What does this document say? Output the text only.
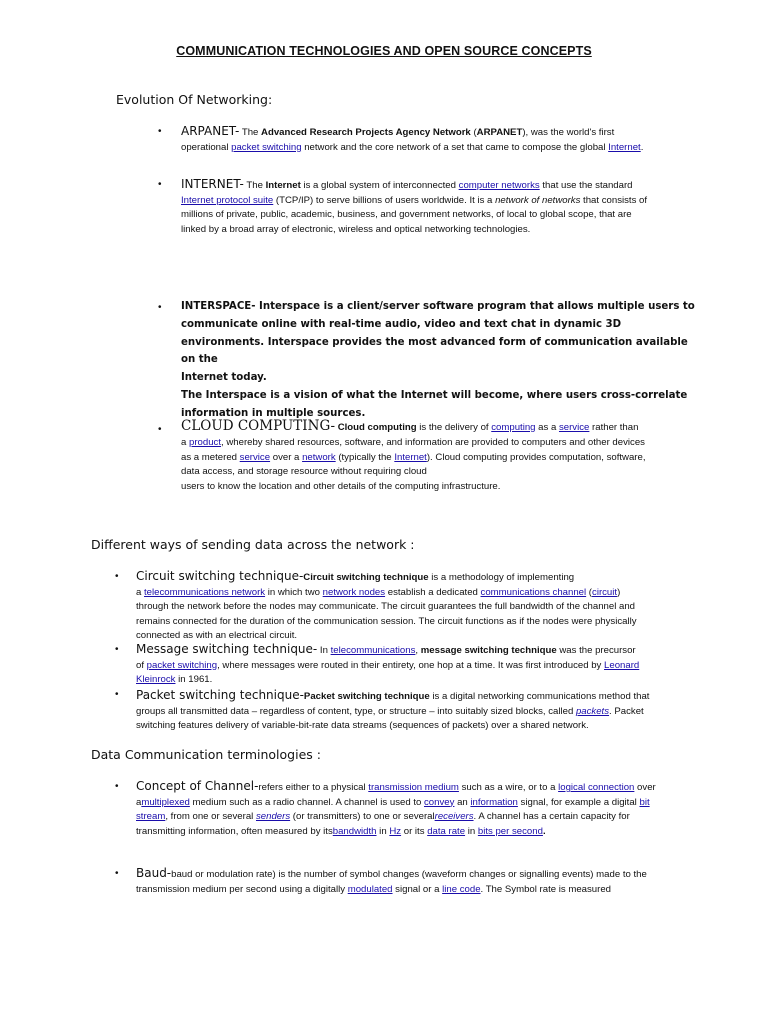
COMMUNICATION TECHNOLOGIES AND OPEN SOURCE CONCEPTS
Evolution Of Networking:
• ARPANET- The Advanced Research Projects Agency Network (ARPANET), was the world's first
operational packet switching network and the core network of a set that came to compose the global Internet.
• INTERNET- The Internet is a global system of interconnected computer networks that use the standard
Internet protocol suite (TCP/IP) to serve billions of users worldwide. It is a network of networks that consists of
millions of private, public, academic, business, and government networks, of local to global scope, that are
linked by a broad array of electronic, wireless and optical networking technologies.
• INTERSPACE- Interspace is a client/server software program that allows multiple users to
communicate online with real-time audio, video and text chat in dynamic 3D
environments. Interspace provides the most advanced form of communication available on the
Internet today.
The Interspace is a vision of what the Internet will become, where users cross-correlate
information in multiple sources.
• CLOUD COMPUTING- Cloud computing is the delivery of computing as a service rather than
a product, whereby shared resources, software, and information are provided to computers and other devices
as a metered service over a network (typically the Internet). Cloud computing provides computation, software,
data access, and storage resource without requiring cloud
users to know the location and other details of the computing infrastructure.
Different ways of sending data across the network :
• Circuit switching technique-Circuit switching technique is a methodology of implementing
a telecommunications network in which two network nodes establish a dedicated communications channel (circuit)
through the network before the nodes may communicate. The circuit guarantees the full bandwidth of the channel and
remains connected for the duration of the communication session. The circuit functions as if the nodes were physically
connected as with an electrical circuit.
• Message switching technique- In telecommunications, message switching technique was the precursor
of packet switching, where messages were routed in their entirety, one hop at a time. It was first introduced by Leonard
Kleinrock in 1961.
• Packet switching technique-Packet switching technique is a digital networking communications method that
groups all transmitted data – regardless of content, type, or structure – into suitably sized blocks, called packets. Packet
switching features delivery of variable-bit-rate data streams (sequences of packets) over a shared network.
Data Communication terminologies :
• Concept of Channel-refers either to a physical transmission medium such as a wire, or to a logical connection over
amultiplexed medium such as a radio channel. A channel is used to convey an information signal, for example a digital bit
stream, from one or several senders (or transmitters) to one or severalreceivers. A channel has a certain capacity for
transmitting information, often measured by itsbandwidth in Hz or its data rate in bits per second.
• Baud-baud or modulation rate) is the number of symbol changes (waveform changes or signalling events) made to the
transmission medium per second using a digitally modulated signal or a line code. The Symbol rate is measured
